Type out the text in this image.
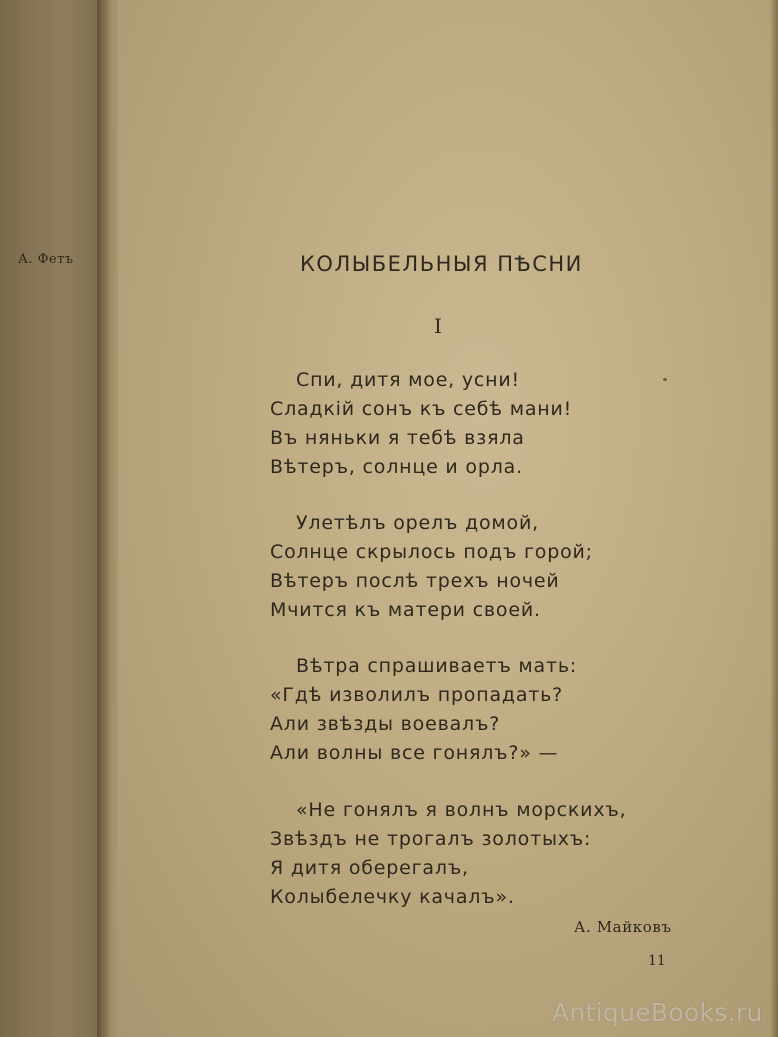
А. Фетъ	КОЛЫБЕЛЬНЫЯ ПѢСНИ
I
Спи, дитя мое, усни!
Сладкій сонъ къ себѣ мани!
Въ няньки я тебѣ взяла
Вѣтеръ, солнце и орла.
Улетѣлъ орелъ домой,
Солнце скрылось подъ горой;
Вѣтеръ послѣ трехъ ночей
Мчится къ матери своей.
Вѣтра спрашиваетъ мать:
«Гдѣ изволилъ пропадать?
Али звѣзды воевалъ?
Али волны все гонялъ?» —
«Не гонялъ я волнъ морскихъ,
Звѣздъ не трогалъ золотыхъ:
Я дитя оберегалъ,
Колыбелечку качалъ».
А. Майковъ
11
AntiqueBooks.ru
